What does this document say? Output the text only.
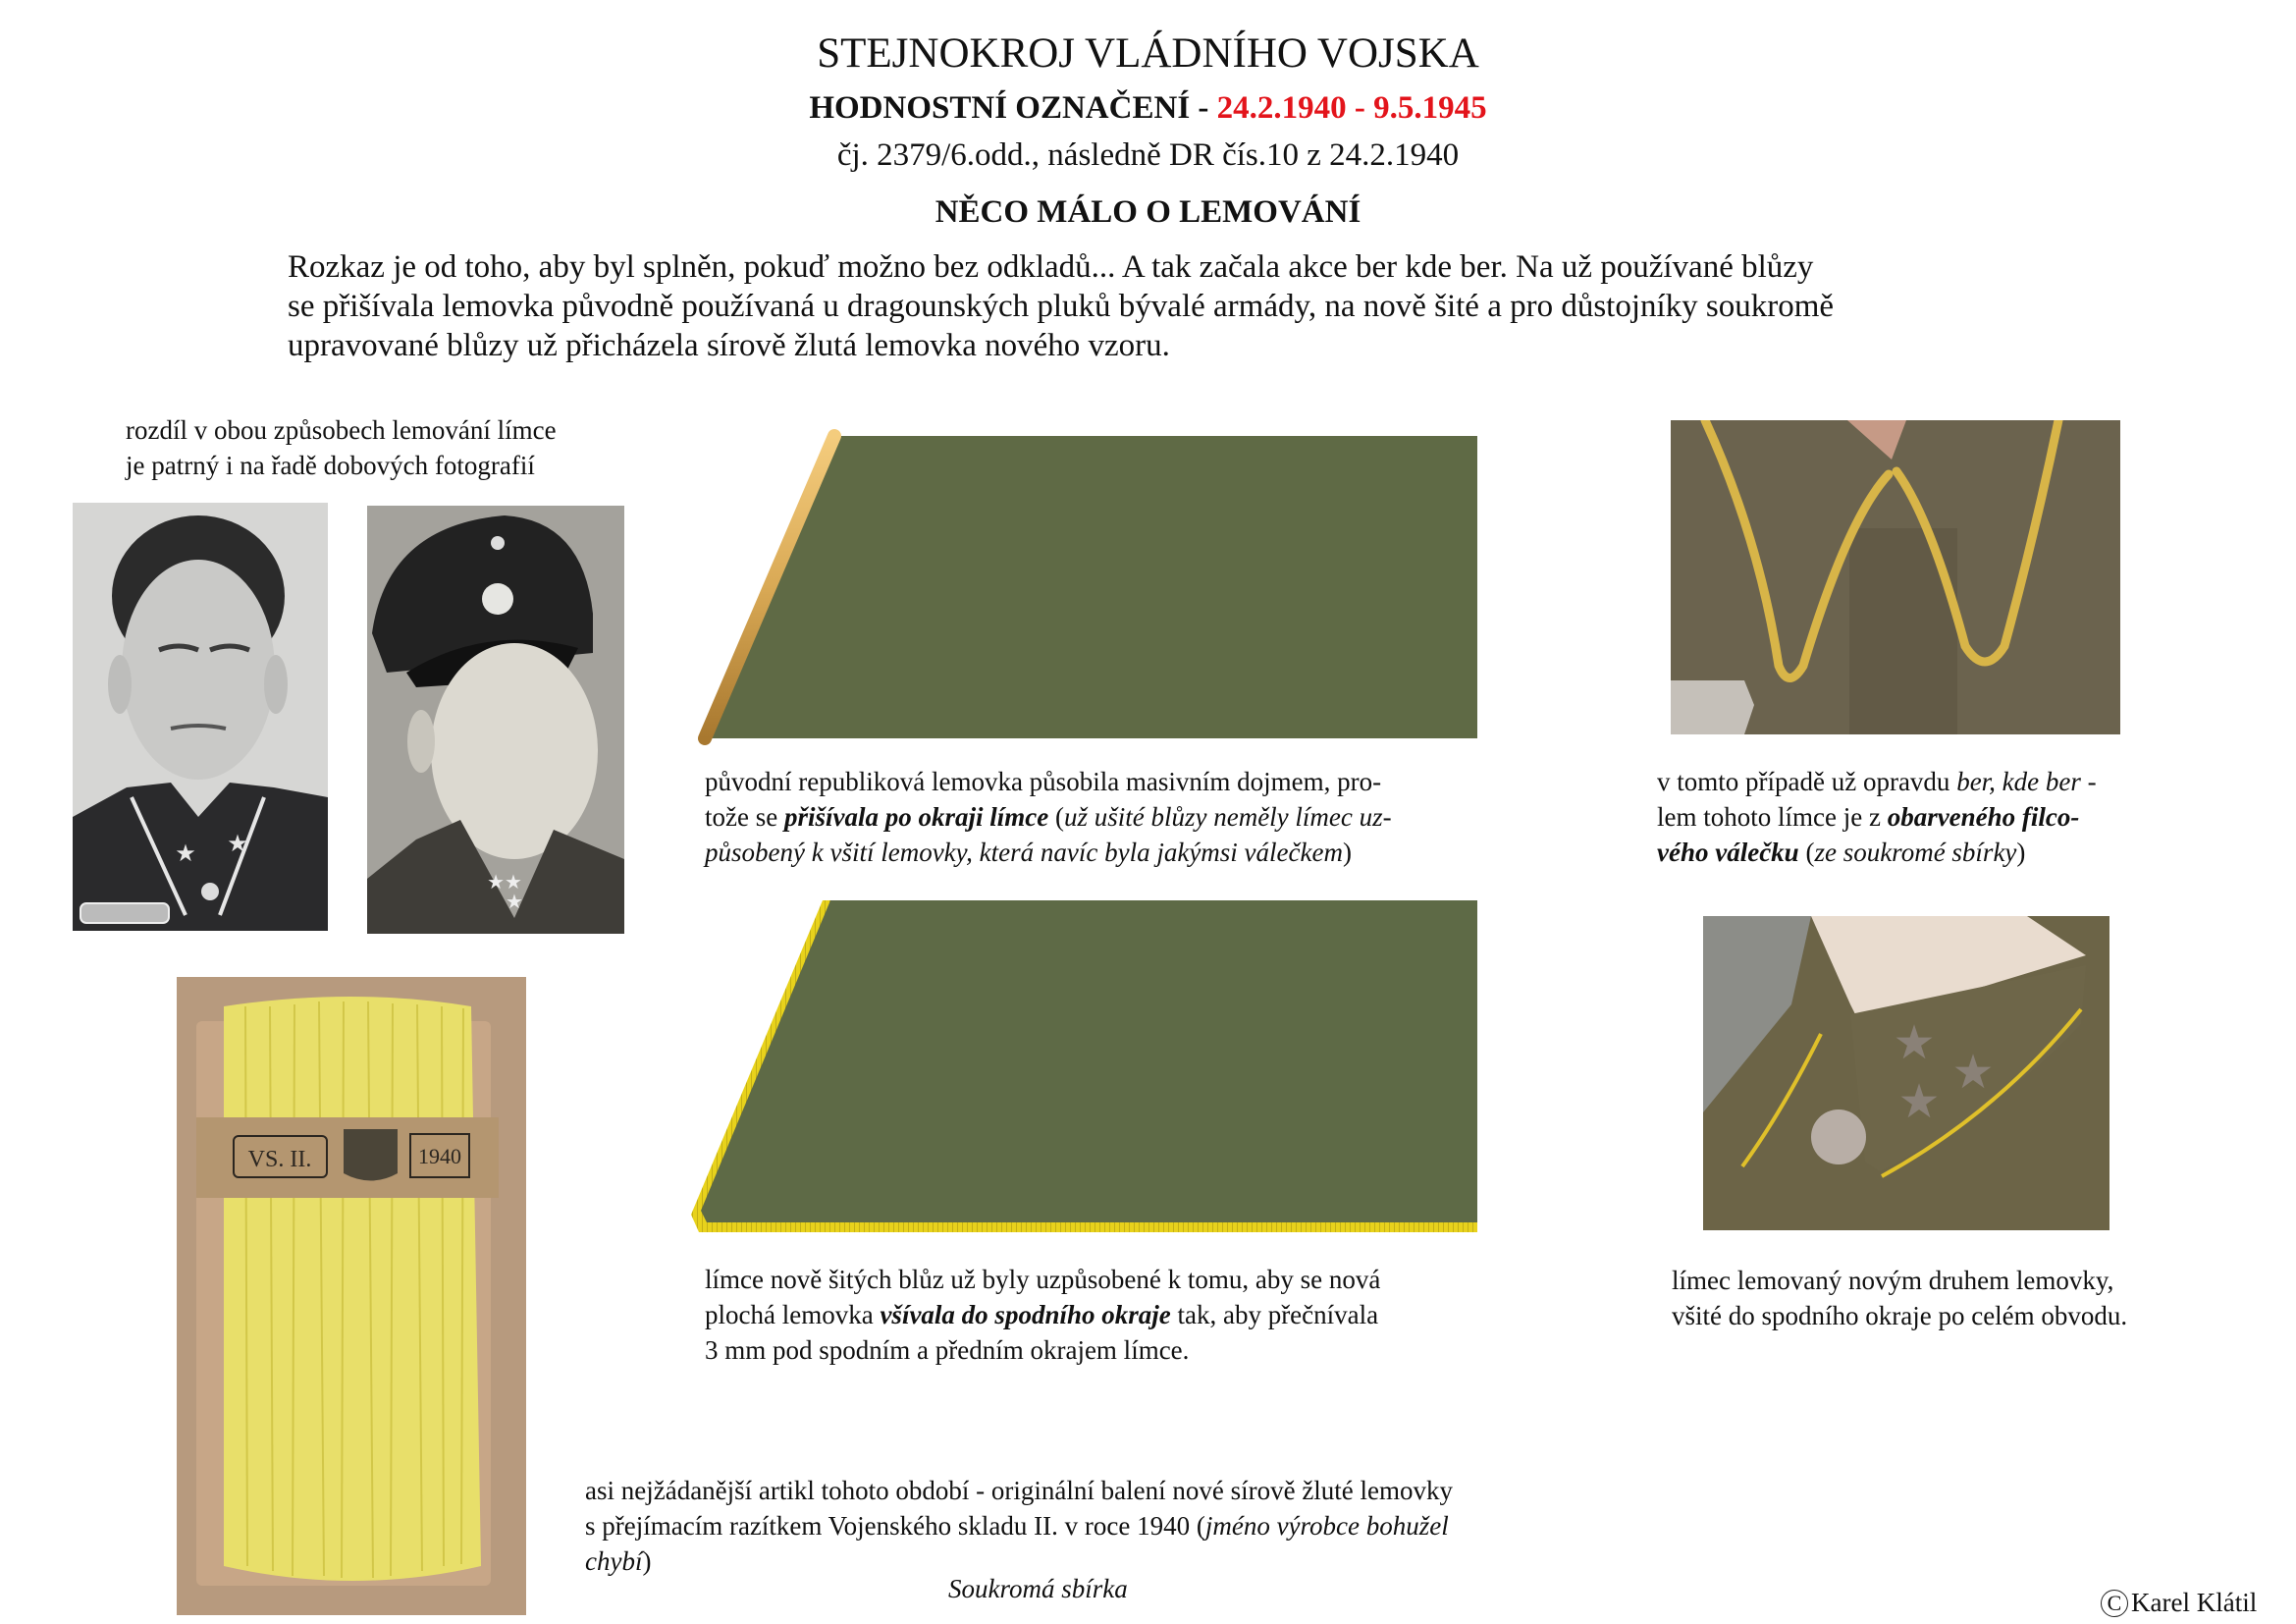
STEJNOKROJ VLÁDNÍHO VOJSKA
HODNOSTNÍ OZNAČENÍ - 24.2.1940 - 9.5.1945
čj. 2379/6.odd., následně DR čís.10 z 24.2.1940
NĚCO MÁLO O LEMOVÁNÍ
Rozkaz je od toho, aby byl splněn, pokuď možno bez odkladů... A tak začala akce ber kde ber. Na už používané blůzy
se přišívala lemovka původně používaná u dragounských pluků bývalé armády, na nově šité a pro důstojníky soukromě
upravované blůzy už přicházela sírově žlutá lemovka nového vzoru.
rozdíl v obou způsobech lemování límce
je patrný i na řadě dobových fotografií
★ ★
★★
★
VS. II.	1940
původní republiková lemovka působila masivním dojmem, pro-
tože se přišívala po okraji límce (už ušité blůzy neměly límec uz-
působený k všití lemovky, která navíc byla jakýmsi válečkem)
límce nově šitých blůz už byly uzpůsobené k tomu, aby se nová
plochá lemovka všívala do spodního okraje tak, aby přečnívala
3 mm pod spodním a předním okrajem límce.
v tomto případě už opravdu ber, kde ber -
lem tohoto límce je z obarveného filco-
vého válečku (ze soukromé sbírky)
★
★
★
límec lemovaný novým druhem lemovky,
všité do spodního okraje po celém obvodu.
asi nejžádanější artikl tohoto období - originální balení nové sírově žluté lemovky
s přejímacím razítkem Vojenského skladu II. v roce 1940 (jméno výrobce bohužel
chybí)
Soukromá sbírka	C Karel Klátil
